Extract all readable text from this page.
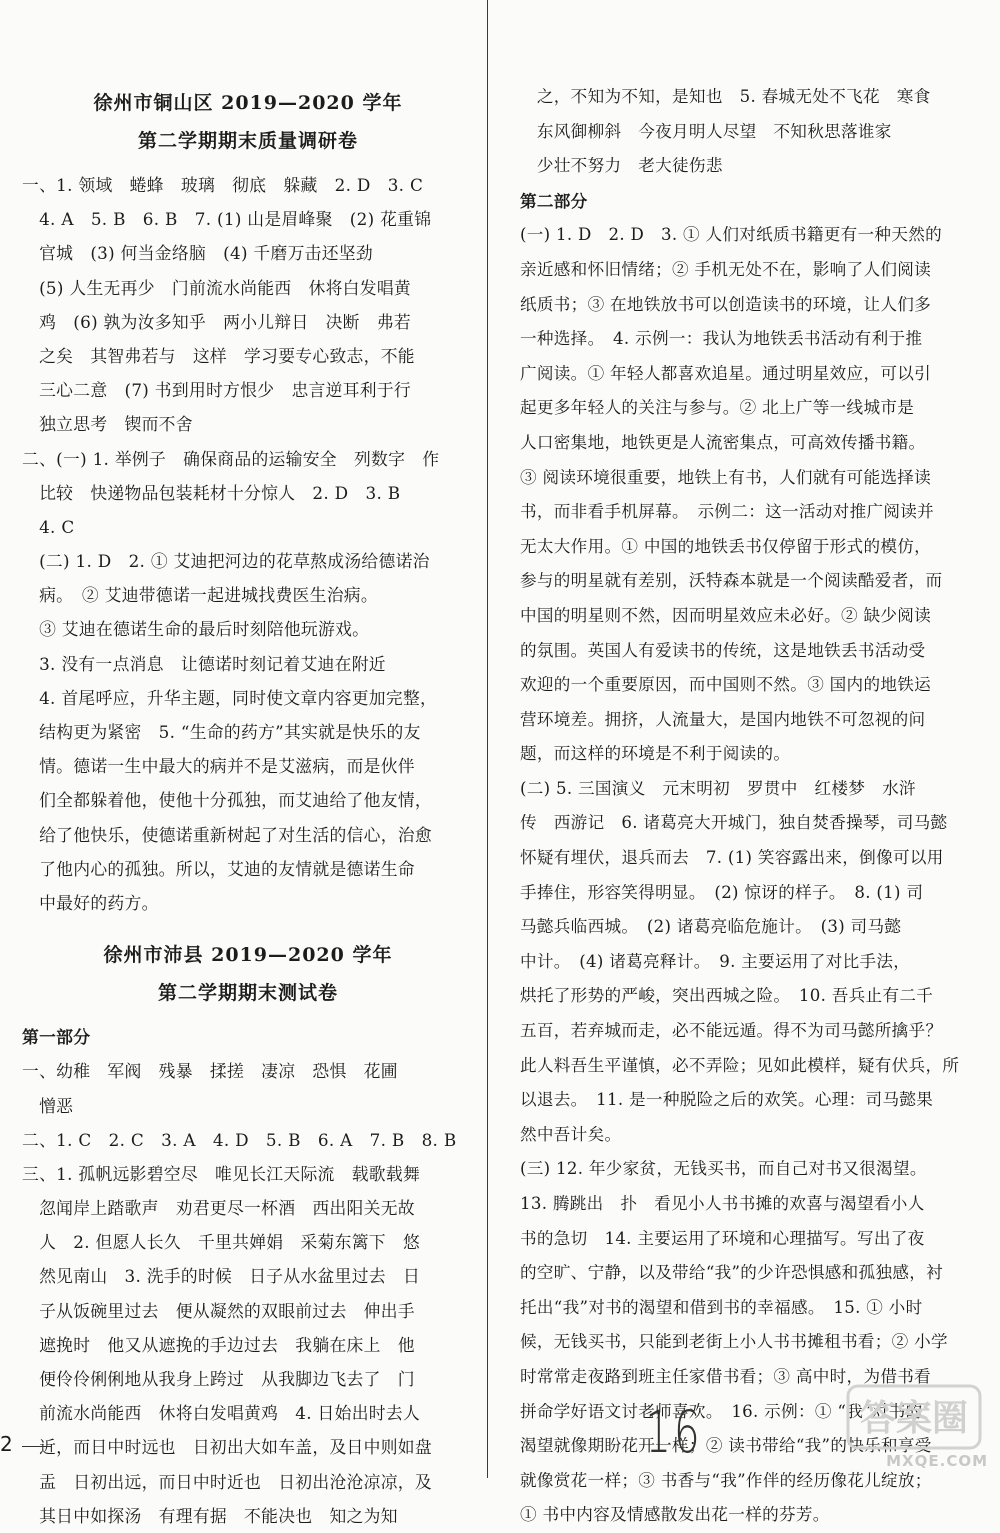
徐州市铜山区 2019—2020 学年
第二学期期末质量调研卷
一、1. 领域　蜷蜂　玻璃　彻底　躲藏　2. D　3. C
　4. A　5. B　6. B　7. (1) 山是眉峰聚　(2) 花重锦
　官城　(3) 何当金络脑　(4) 千磨万击还坚劲
　(5) 人生无再少　门前流水尚能西　休将白发唱黄
　鸡　(6) 孰为汝多知乎　两小儿辩日　决断　弗若
　之矣　其智弗若与　这样　学习要专心致志，不能
　三心二意　(7) 书到用时方恨少　忠言逆耳利于行
　独立思考　锲而不舍
二、(一) 1. 举例子　确保商品的运输安全　列数字　作
　比较　快递物品包装耗材十分惊人　2. D　3. B
　4. C
　(二) 1. D　2. ① 艾迪把河边的花草熬成汤给德诺治
　病。　② 艾迪带德诺一起进城找费医生治病。
　③ 艾迪在德诺生命的最后时刻陪他玩游戏。
　3. 没有一点消息　让德诺时刻记着艾迪在附近
　4. 首尾呼应，升华主题，同时使文章内容更加完整，
　结构更为紧密　5. “生命的药方”其实就是快乐的友
　情。德诺一生中最大的病并不是艾滋病，而是伙伴
　们全都躲着他，使他十分孤独，而艾迪给了他友情，
　给了他快乐，使德诺重新树起了对生活的信心，治愈
　了他内心的孤独。所以，艾迪的友情就是德诺生命
　中最好的药方。
徐州市沛县 2019—2020 学年
第二学期期末测试卷
第一部分
一、幼稚　军阀　残暴　揉搓　凄凉　恐惧　花圃
　憎恶
二、1. C　2. C　3. A　4. D　5. B　6. A　7. B　8. B
三、1. 孤帆远影碧空尽　唯见长江天际流　载歌载舞
　忽闻岸上踏歌声　劝君更尽一杯酒　西出阳关无故
　人　2. 但愿人长久　千里共婵娟　采菊东篱下　悠
　然见南山　3. 洗手的时候　日子从水盆里过去　日
　子从饭碗里过去　便从凝然的双眼前过去　伸出手
　遮挽时　他又从遮挽的手边过去　我躺在床上　他
　便伶伶俐俐地从我身上跨过　从我脚边飞去了　门
　前流水尚能西　休将白发唱黄鸡　4. 日始出时去人
　近，而日中时远也　日初出大如车盖，及日中则如盘
　盂　日初出远，而日中时近也　日初出沧沧凉凉，及
　其日中如探汤　有理有据　不能决也　知之为知
　之，不知为不知，是知也　5. 春城无处不飞花　寒食
　东风御柳斜　今夜月明人尽望　不知秋思落谁家
　少壮不努力　老大徒伤悲
第二部分
(一) 1. D　2. D　3. ① 人们对纸质书籍更有一种天然的
亲近感和怀旧情绪；② 手机无处不在，影响了人们阅读
纸质书；③ 在地铁放书可以创造读书的环境，让人们多
一种选择。　4. 示例一：我认为地铁丢书活动有利于推
广阅读。① 年轻人都喜欢追星。通过明星效应，可以引
起更多年轻人的关注与参与。② 北上广等一线城市是
人口密集地，地铁更是人流密集点，可高效传播书籍。
③ 阅读环境很重要，地铁上有书，人们就有可能选择读
书，而非看手机屏幕。　示例二：这一活动对推广阅读并
无太大作用。① 中国的地铁丢书仅停留于形式的模仿，
参与的明星就有差别，沃特森本就是一个阅读酷爱者，而
中国的明星则不然，因而明星效应未必好。② 缺少阅读
的氛围。英国人有爱读书的传统，这是地铁丢书活动受
欢迎的一个重要原因，而中国则不然。③ 国内的地铁运
营环境差。拥挤，人流量大，是国内地铁不可忽视的问
题，而这样的环境是不利于阅读的。
(二) 5. 三国演义　元末明初　罗贯中　红楼梦　水浒
传　西游记　6. 诸葛亮大开城门，独自焚香操琴，司马懿
怀疑有埋伏，退兵而去　7. (1) 笑容露出来，倒像可以用
手捧住，形容笑得明显。　(2) 惊讶的样子。　8. (1) 司
马懿兵临西城。　(2) 诸葛亮临危施计。　(3) 司马懿
中计。　(4) 诸葛亮释计。　9. 主要运用了对比手法，
烘托了形势的严峻，突出西城之险。　10. 吾兵止有二千
五百，若弃城而走，必不能远遁。得不为司马懿所擒乎？
此人料吾生平谨慎，必不弄险；见如此模样，疑有伏兵，所
以退去。　11. 是一种脱险之后的欢笑。心理：司马懿果
然中吾计矣。
(三) 12. 年少家贫，无钱买书，而自己对书又很渴望。
13. 腾跳出　扑　看见小人书书摊的欢喜与渴望看小人
书的急切　14. 主要运用了环境和心理描写。写出了夜
的空旷、宁静，以及带给“我”的少许恐惧感和孤独感，衬
托出“我”对书的渴望和借到书的幸福感。　15. ① 小时
候，无钱买书，只能到老街上小人书书摊租书看；② 小学
时常常走夜路到班主任家借书看；③ 高中时，为借书看
拼命学好语文讨老师喜欢。　16. 示例：① “我”对书的
渴望就像期盼花开一样；② 读书带给“我”的快乐和享受
就像赏花一样；③ 书香与“我”作伴的经历像花儿绽放；
① 书中内容及情感散发出花一样的芬芳。
2	16	答案圈
MXQE.COM
